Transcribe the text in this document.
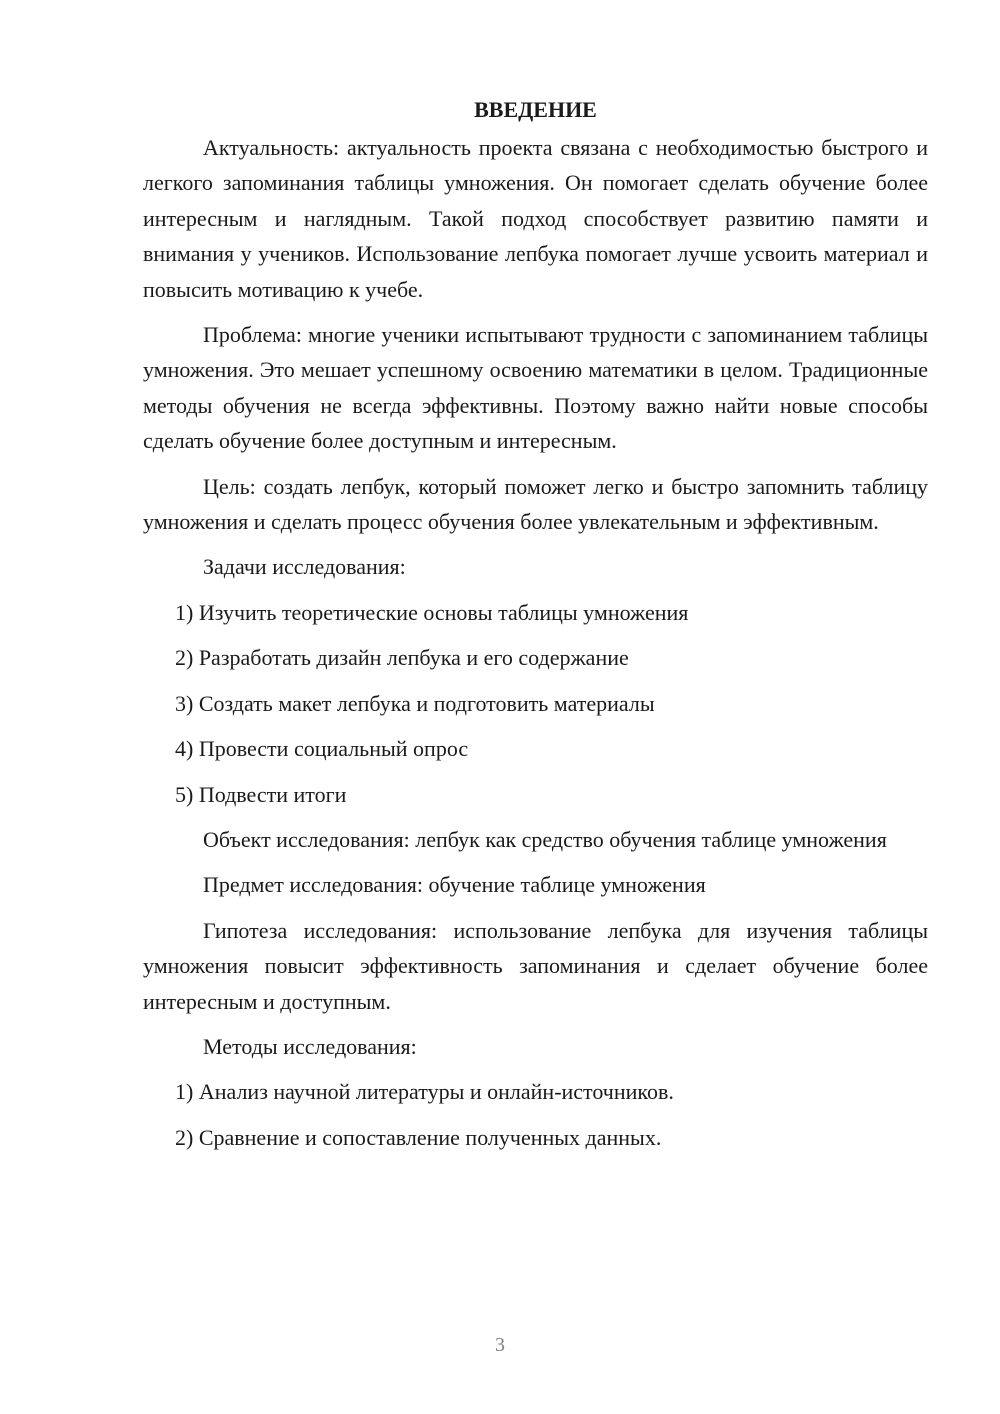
ВВЕДЕНИЕ

Актуальность: актуальность проекта связана с необходимостью быстрого и легкого запоминания таблицы умножения. Он помогает сделать обучение более интересным и наглядным. Такой подход способствует развитию памяти и внимания у учеников. Использование лепбука помогает лучше усвоить материал и повысить мотивацию к учебе.

Проблема: многие ученики испытывают трудности с запоминанием таблицы умножения. Это мешает успешному освоению математики в целом. Традиционные методы обучения не всегда эффективны. Поэтому важно найти новые способы сделать обучение более доступным и интересным.

Цель: создать лепбук, который поможет легко и быстро запомнить таблицу умножения и сделать процесс обучения более увлекательным и эффективным.

Задачи исследования:

1) Изучить теоретические основы таблицы умножения

2) Разработать дизайн лепбука и его содержание

3) Создать макет лепбука и подготовить материалы

4) Провести социальный опрос

5) Подвести итоги

Объект исследования: лепбук как средство обучения таблице умножения

Предмет исследования: обучение таблице умножения

Гипотеза исследования: использование лепбука для изучения таблицы умножения повысит эффективность запоминания и сделает обучение более интересным и доступным.

Методы исследования:

1) Анализ научной литературы и онлайн-источников.

2) Сравнение и сопоставление полученных данных.

3
